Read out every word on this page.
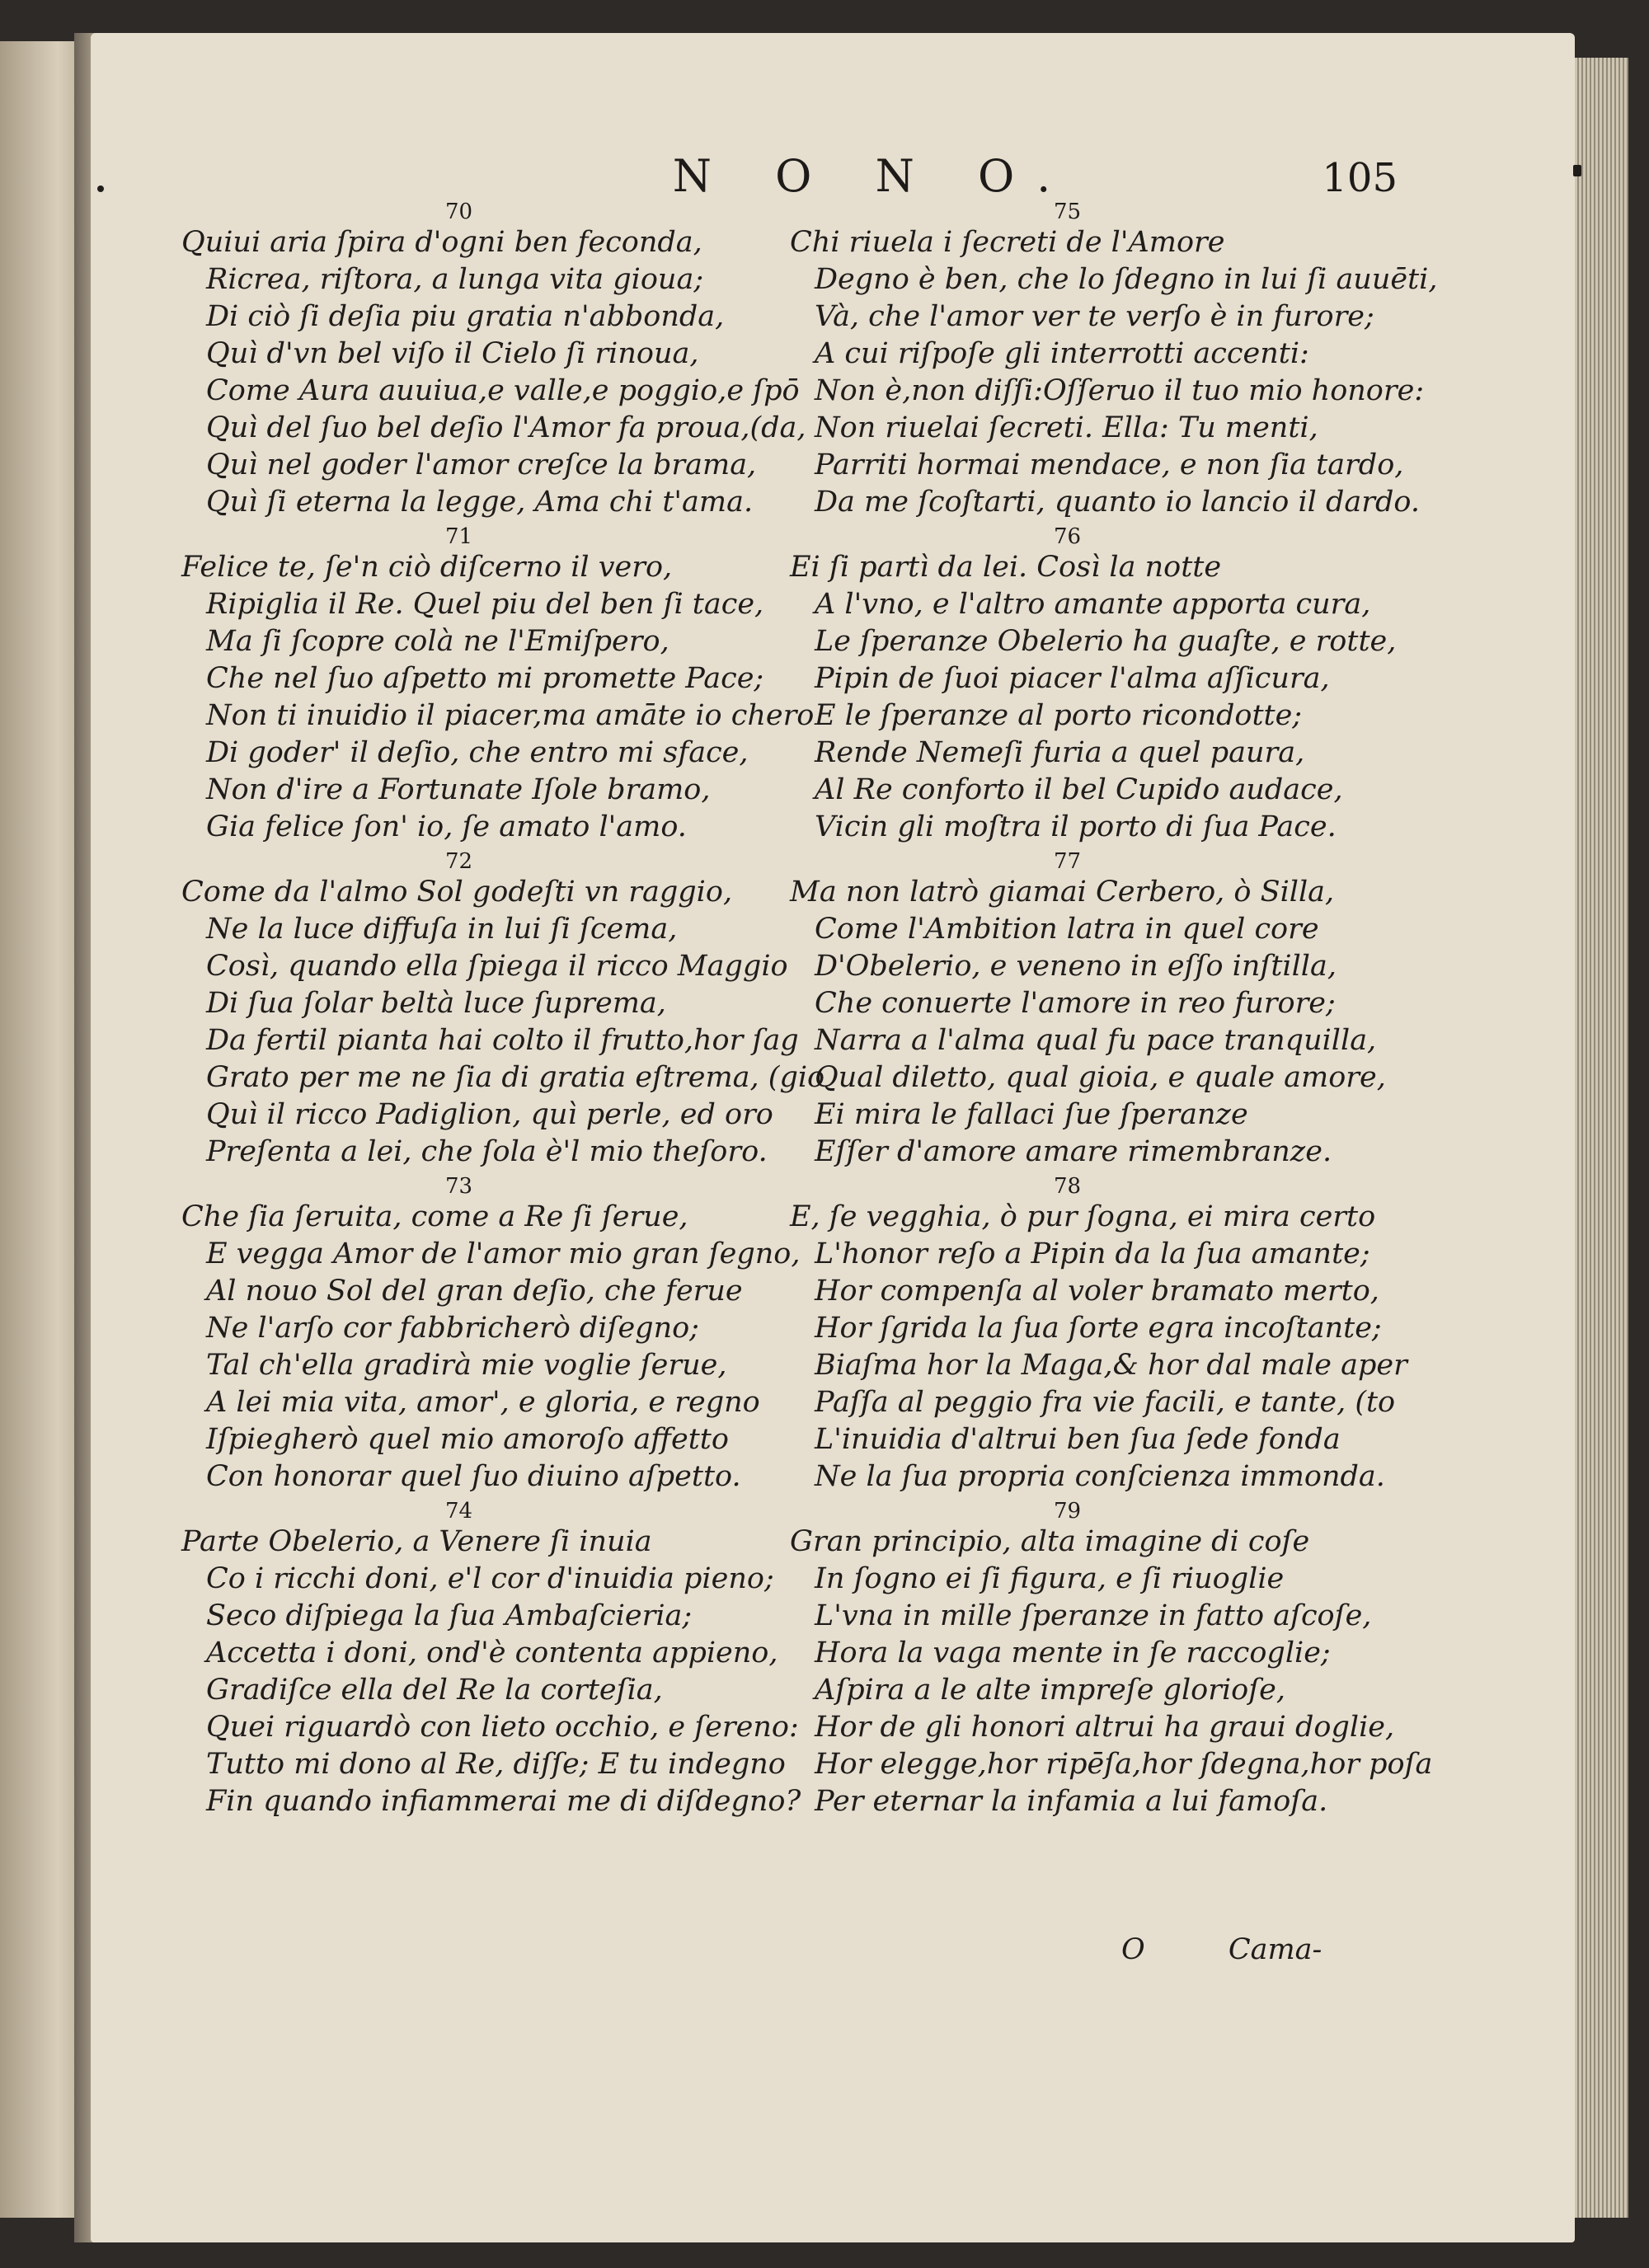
N O N O.	105
70
Quiui aria ſpira d'ogni ben feconda,
Ricrea, riſtora, a lunga vita gioua;
Di ciò ſi deſia piu gratia n'abbonda,
Quì d'vn bel viſo il Cielo ſi rinoua,
Come Aura auuiua,e valle,e poggio,e ſpō
Quì del ſuo bel deſio l'Amor fa proua,(da,
Quì nel goder l'amor creſce la brama,
Quì ſi eterna la legge, Ama chi t'ama.
71
Felice te, ſe'n ciò diſcerno il vero,
Ripiglia il Re. Quel piu del ben ſi tace,
Ma ſi ſcopre colà ne l'Emiſpero,
Che nel ſuo aſpetto mi promette Pace;
Non ti inuidio il piacer,ma amāte io chero
Di goder' il deſio, che entro mi sface,
Non d'ire a Fortunate Iſole bramo,
Gia felice ſon' io, ſe amato l'amo.
72
Come da l'almo Sol godeſti vn raggio,
Ne la luce diffuſa in lui ſi ſcema,
Così, quando ella ſpiega il ricco Maggio
Di ſua ſolar beltà luce ſuprema,
Da fertil pianta hai colto il frutto,hor ſag
Grato per me ne ſia di gratia eſtrema, (gio
Quì il ricco Padiglion, quì perle, ed oro
Preſenta a lei, che ſola è'l mio theſoro.
73
Che ſia ſeruita, come a Re ſi ſerue,
E vegga Amor de l'amor mio gran ſegno,
Al nouo Sol del gran deſio, che ferue
Ne l'arſo cor fabbricherò diſegno;
Tal ch'ella gradirà mie voglie ſerue,
A lei mia vita, amor', e gloria, e regno
Iſpiegherò quel mio amoroſo affetto
Con honorar quel ſuo diuino aſpetto.
74
Parte Obelerio, a Venere ſi inuia
Co i ricchi doni, e'l cor d'inuidia pieno;
Seco diſpiega la ſua Ambaſcieria;
Accetta i doni, ond'è contenta appieno,
Gradiſce ella del Re la corteſia,
Quei riguardò con lieto occhio, e ſereno:
Tutto mi dono al Re, diſſe; E tu indegno
Fin quando infiammerai me di diſdegno?
75
Chi riuela i ſecreti de l'Amore
Degno è ben, che lo ſdegno in lui ſi auuēti,
Và, che l'amor ver te verſo è in furore;
A cui riſpoſe gli interrotti accenti:
Non è,non diſſi:Oſſeruo il tuo mio honore:
Non riuelai ſecreti. Ella: Tu menti,
Parriti hormai mendace, e non ſia tardo,
Da me ſcoſtarti, quanto io lancio il dardo.
76
Ei ſi partì da lei. Così la notte
A l'vno, e l'altro amante apporta cura,
Le ſperanze Obelerio ha guaſte, e rotte,
Pipin de ſuoi piacer l'alma aſſicura,
E le ſperanze al porto ricondotte;
Rende Nemeſi furia a quel paura,
Al Re conforto il bel Cupido audace,
Vicin gli moſtra il porto di ſua Pace.
77
Ma non latrò giamai Cerbero, ò Silla,
Come l'Ambition latra in quel core
D'Obelerio, e veneno in eſſo inſtilla,
Che conuerte l'amore in reo furore;
Narra a l'alma qual fu pace tranquilla,
Qual diletto, qual gioia, e quale amore,
Ei mira le fallaci ſue ſperanze
Eſſer d'amore amare rimembranze.
78
E, ſe vegghia, ò pur ſogna, ei mira certo
L'honor reſo a Pipin da la ſua amante;
Hor compenſa al voler bramato merto,
Hor ſgrida la ſua ſorte egra incoſtante;
Biaſma hor la Maga,& hor dal male aper
Paſſa al peggio fra vie facili, e tante, (to
L'inuidia d'altrui ben ſua ſede fonda
Ne la ſua propria conſcienza immonda.
79
Gran principio, alta imagine di coſe
In ſogno ei ſi figura, e ſi riuoglie
L'vna in mille ſperanze in fatto aſcoſe,
Hora la vaga mente in ſe raccoglie;
Aſpira a le alte impreſe glorioſe,
Hor de gli honori altrui ha graui doglie,
Hor elegge,hor ripēſa,hor ſdegna,hor poſa
Per eternar la infamia a lui famoſa.
O	Cama-
